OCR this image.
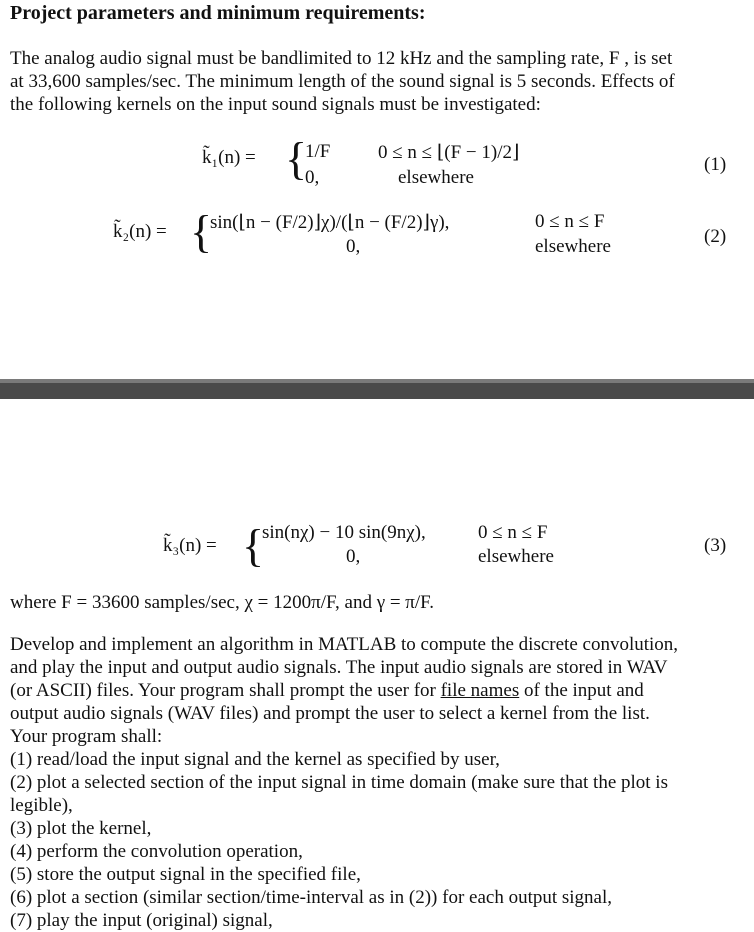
Project parameters and minimum requirements:
The analog audio signal must be bandlimited to 12 kHz and the sampling rate, F , is set
at 33,600 samples/sec. The minimum length of the sound signal is 5 seconds. Effects of
the following kernels on the input sound signals must be investigated:
k̃₁(n) = {
1/F	0 ≤ n ≤ ⌊(F − 1)/2⌋
0,	elsewhere
(1)
k̃₂(n) = {
sin(⌊n − (F/2)⌋χ)/(⌊n − (F/2)⌋γ),	0 ≤ n ≤ F
0,	elsewhere	(2)
k̃₃(n) = {
sin(nχ) − 10 sin(9nχ),	0 ≤ n ≤ F
0,	elsewhere
(3)
where F = 33600 samples/sec, χ = 1200π/F, and γ = π/F.
Develop and implement an algorithm in MATLAB to compute the discrete convolution,
and play the input and output audio signals. The input audio signals are stored in WAV
(or ASCII) files. Your program shall prompt the user for file names of the input and
output audio signals (WAV files) and prompt the user to select a kernel from the list.
Your program shall:
(1) read/load the input signal and the kernel as specified by user,
(2) plot a selected section of the input signal in time domain (make sure that the plot is
legible),
(3) plot the kernel,
(4) perform the convolution operation,
(5) store the output signal in the specified file,
(6) plot a section (similar section/time-interval as in (2)) for each output signal,
(7) play the input (original) signal,
